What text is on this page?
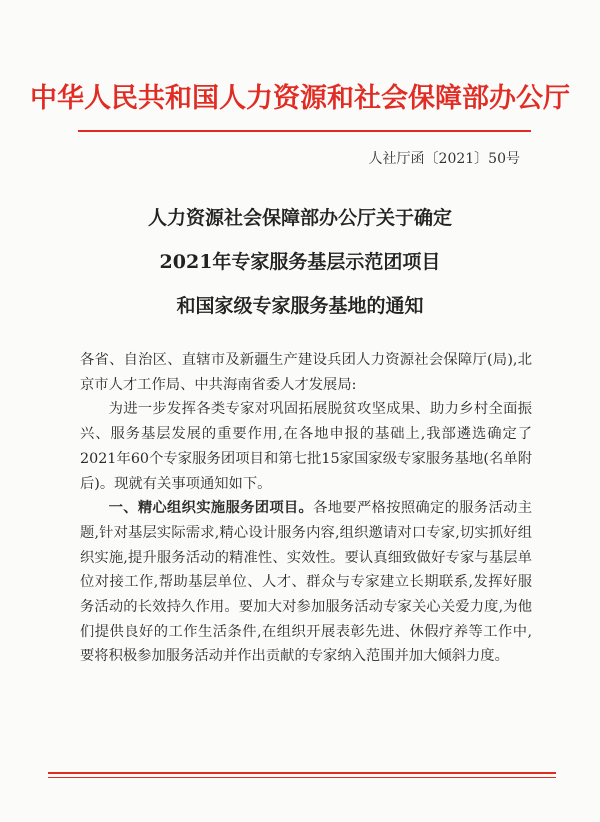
中华人民共和国人力资源和社会保障部办公厅
人社厅函〔2021〕50号
人力资源社会保障部办公厅关于确定
2021年专家服务基层示范团项目
和国家级专家服务基地的通知

各省、自治区、直辖市及新疆生产建设兵团人力资源社会保障厅(局),北京市人才工作局、中共海南省委人才发展局:

为进一步发挥各类专家对巩固拓展脱贫攻坚成果、助力乡村全面振兴、服务基层发展的重要作用,在各地申报的基础上,我部遴选确定了2021年60个专家服务团项目和第七批15家国家级专家服务基地(名单附后)。现就有关事项通知如下。

一、精心组织实施服务团项目。各地要严格按照确定的服务活动主题,针对基层实际需求,精心设计服务内容,组织邀请对口专家,切实抓好组织实施,提升服务活动的精准性、实效性。要认真细致做好专家与基层单位对接工作,帮助基层单位、人才、群众与专家建立长期联系,发挥好服务活动的长效持久作用。要加大对参加服务活动专家关心关爱力度,为他们提供良好的工作生活条件,在组织开展表彰先进、休假疗养等工作中,要将积极参加服务活动并作出贡献的专家纳入范围并加大倾斜力度。
